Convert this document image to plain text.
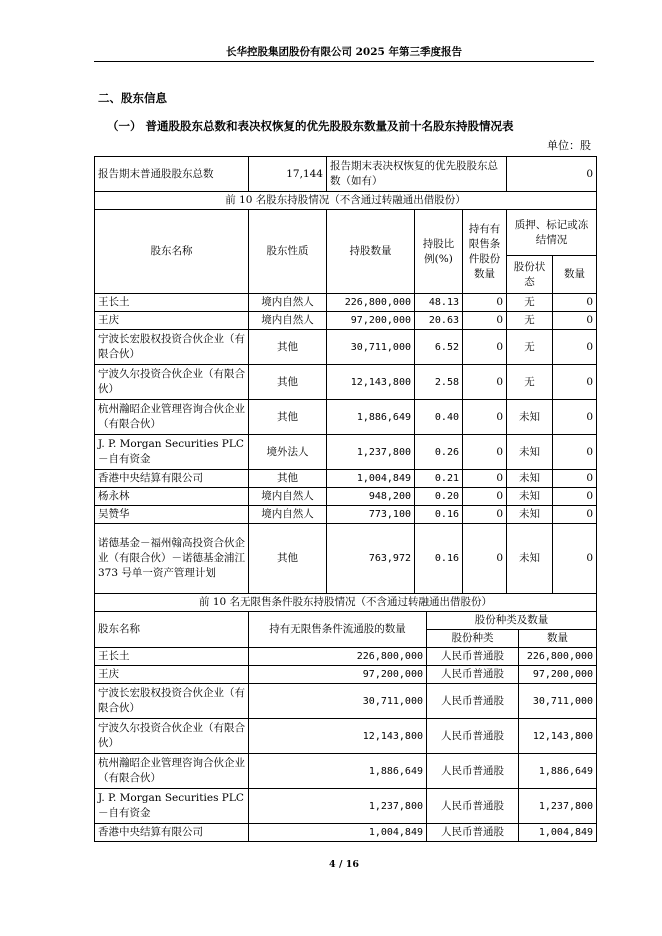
长华控股集团股份有限公司 2025 年第三季度报告
二、股东信息
（一） 普通股股东总数和表决权恢复的优先股股东数量及前十名股东持股情况表
单位：股
报告期末普通股股东总数	17,144	报告期末表决权恢复的优先股股东总数（如有）			0	
前 10 名股东持股情况（不含通过转融通出借股份）						
股东名称	股东性质	持股数量	持股比例(%)	持有有限售条件股份数量	质押、标记或冻结情况	
					股份状态	数量
王长土	境内自然人	226,800,000	48.13	0	无	0
王庆	境内自然人	97,200,000	20.63	0	无	0
宁波长宏股权投资合伙企业（有限合伙）	其他	30,711,000	6.52	0	无	0
宁波久尔投资合伙企业（有限合伙）	其他	12,143,800	2.58	0	无	0
杭州瀚昭企业管理咨询合伙企业（有限合伙）	其他	1,886,649	0.40	0	未知	0
J. P. Morgan Securities PLC－自有资金	境外法人	1,237,800	0.26	0	未知	0
香港中央结算有限公司	其他	1,004,849	0.21	0	未知	0
杨永林	境内自然人	948,200	0.20	0	未知	0
吴赞华	境内自然人	773,100	0.16	0	未知	0
诺德基金－福州翰高投资合伙企业（有限合伙）－诺德基金浦江 373 号单一资产管理计划	其他	763,972	0.16	0	未知	0
前 10 名无限售条件股东持股情况（不含通过转融通出借股份）			
股东名称	持有无限售条件流通股的数量	股份种类及数量	
		股份种类	数量
王长土	226,800,000	人民币普通股	226,800,000
王庆	97,200,000	人民币普通股	97,200,000
宁波长宏股权投资合伙企业（有限合伙）	30,711,000	人民币普通股	30,711,000
宁波久尔投资合伙企业（有限合伙）	12,143,800	人民币普通股	12,143,800
杭州瀚昭企业管理咨询合伙企业（有限合伙）	1,886,649	人民币普通股	1,886,649
J. P. Morgan Securities PLC－自有资金	1,237,800	人民币普通股	1,237,800
香港中央结算有限公司	1,004,849	人民币普通股	1,004,849
4 / 16
